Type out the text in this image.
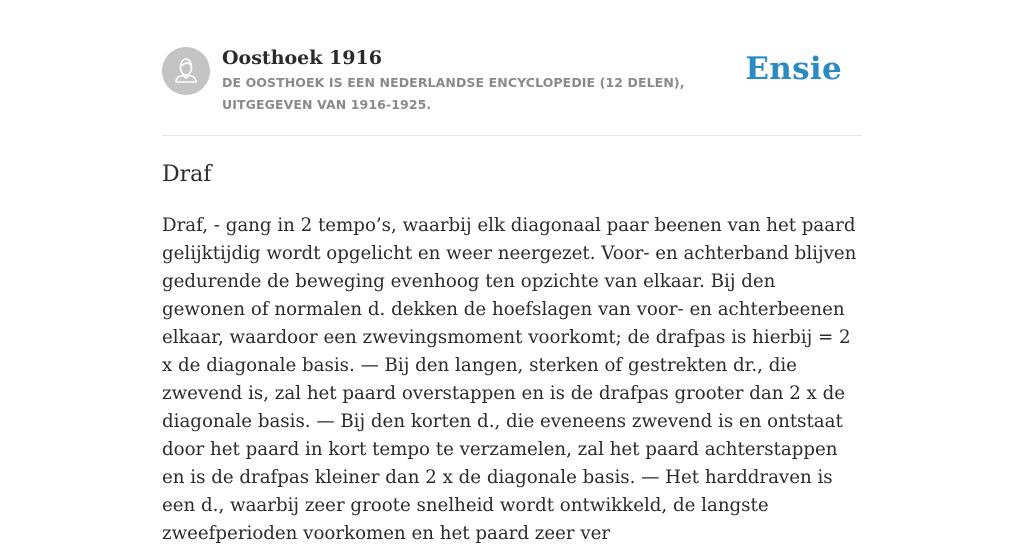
Oosthoek 1916

DE OOSTHOEK IS EEN NEDERLANDSE ENCYCLOPEDIE (12 DELEN), UITGEGEVEN VAN 1916-1925.

Ensie
Draf

Draf, - gang in 2 tempo’s, waarbij elk diagonaal paar beenen van het paard gelijktijdig wordt opgelicht en weer neergezet. Voor- en achterband blijven gedurende de beweging evenhoog ten opzichte van elkaar. Bij den gewonen of normalen d. dekken de hoefslagen van voor- en achterbeenen elkaar, waardoor een zwevingsmoment voorkomt; de drafpas is hierbij = 2 x de diagonale basis. — Bij den langen, sterken of gestrekten dr., die zwevend is, zal het paard overstappen en is de drafpas grooter dan 2 x de diagonale basis. — Bij den korten d., die eveneens zwevend is en ontstaat door het paard in kort tempo te verzamelen, zal het paard achterstappen en is de drafpas kleiner dan 2 x de diagonale basis. — Het harddraven is een d., waarbij zeer groote snelheid wordt ontwikkeld, de langste zweefperioden voorkomen en het paard zeer ver
